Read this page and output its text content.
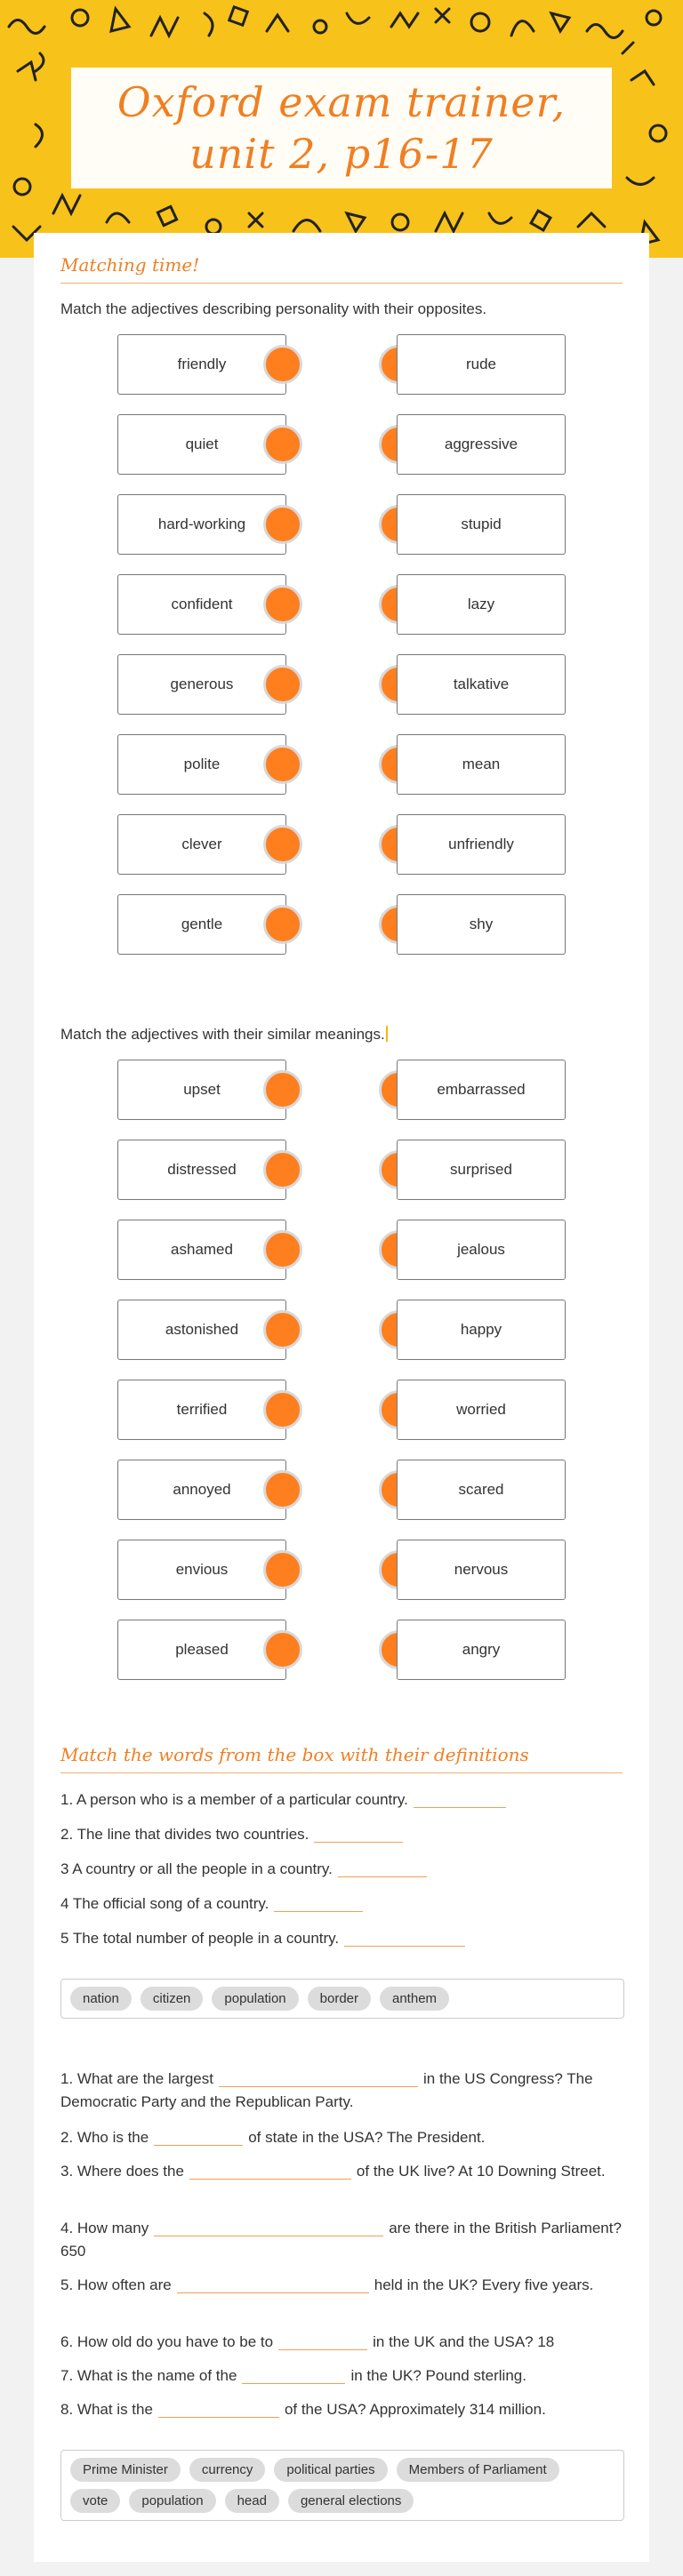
Oxford exam trainer,
unit 2, p16-17
Matching time!
Match the adjectives describing personality with their opposites.
friendly	rude
quiet	aggressive
hard-working	stupid
confident	lazy
generous	talkative
polite	mean
clever	unfriendly
gentle	shy
Match the adjectives with their similar meanings.
upset	embarrassed
distressed	surprised
ashamed	jealous
astonished	happy
terrified	worried
annoyed	scared
envious	nervous
pleased	angry
Match the words from the box with their definitions
1. A person who is a member of a particular country.
2. The line that divides two countries.
3 A country or all the people in a country.
4 The official song of a country.
5 The total number of people in a country.
nation	citizen	population	border	anthem
1. What are the largest	in the US Congress? The Democratic Party and the Republican Party.
2. Who is the	of state in the USA? The President.
3. Where does the	of the UK live? At 10 Downing Street.
4. How many	are there in the British Parliament? 650
5. How often are	held in the UK? Every five years.
6. How old do you have to be to	in the UK and the USA? 18
7. What is the name of the	in the UK? Pound sterling.
8. What is the	of the USA? Approximately 314 million.
Prime Minister	currency	political parties	Members of Parliament
vote	population	head	general elections
